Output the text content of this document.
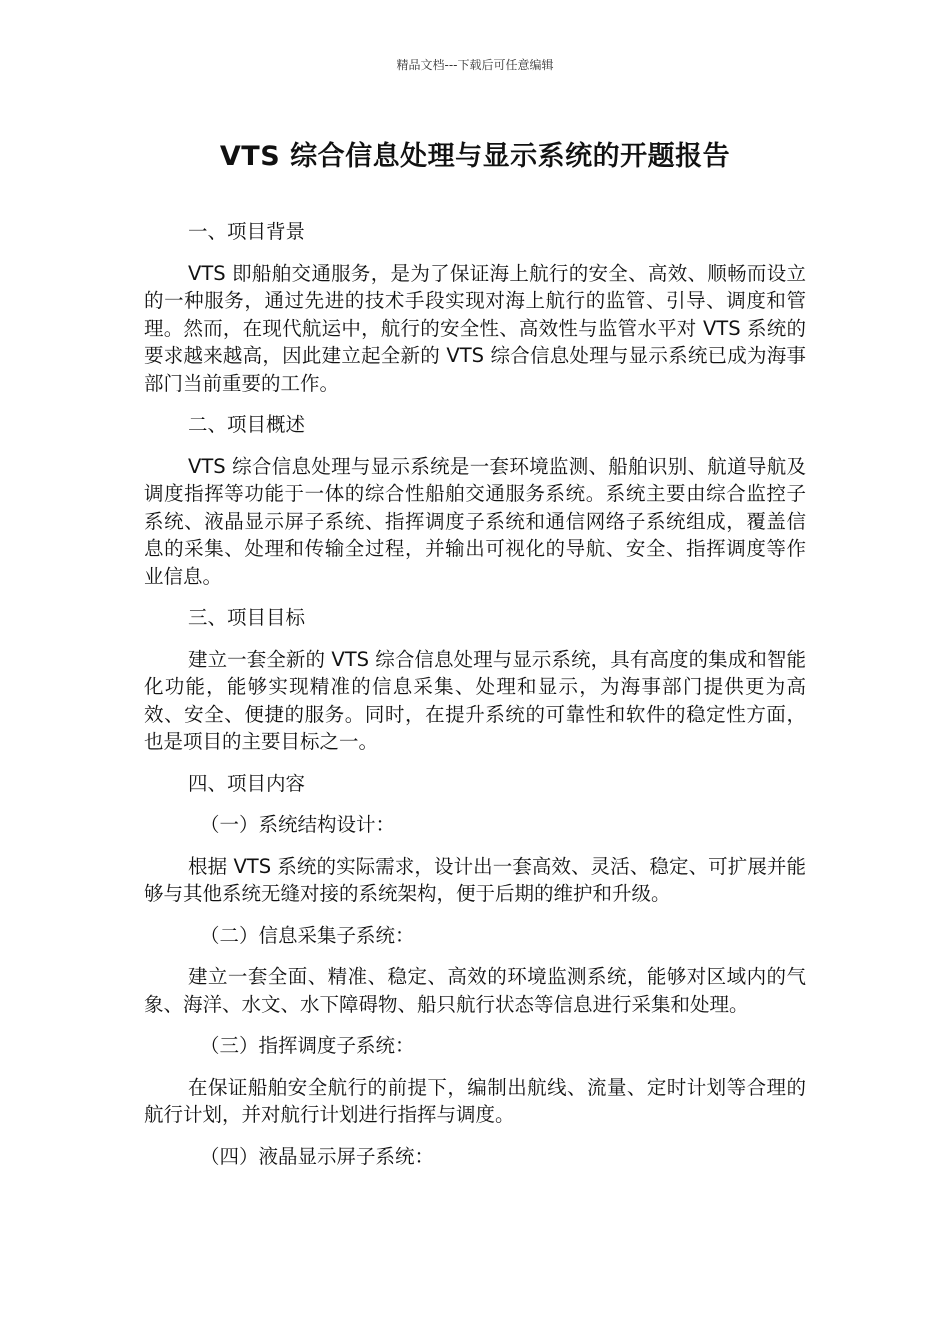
精品文档---下载后可任意编辑
VTS 综合信息处理与显示系统的开题报告
一、项目背景
VTS 即船舶交通服务，是为了保证海上航行的安全、高效、顺畅而设立的一种服务，通过先进的技术手段实现对海上航行的监管、引导、调度和管理。然而，在现代航运中，航行的安全性、高效性与监管水平对 VTS 系统的要求越来越高，因此建立起全新的 VTS 综合信息处理与显示系统已成为海事部门当前重要的工作。
二、项目概述
VTS 综合信息处理与显示系统是一套环境监测、船舶识别、航道导航及调度指挥等功能于一体的综合性船舶交通服务系统。系统主要由综合监控子系统、液晶显示屏子系统、指挥调度子系统和通信网络子系统组成，覆盖信息的采集、处理和传输全过程，并输出可视化的导航、安全、指挥调度等作业信息。
三、项目目标
建立一套全新的 VTS 综合信息处理与显示系统，具有高度的集成和智能化功能，能够实现精准的信息采集、处理和显示，为海事部门提供更为高效、安全、便捷的服务。同时，在提升系统的可靠性和软件的稳定性方面，也是项目的主要目标之一。
四、项目内容
（一）系统结构设计：
根据 VTS 系统的实际需求，设计出一套高效、灵活、稳定、可扩展并能够与其他系统无缝对接的系统架构，便于后期的维护和升级。
（二）信息采集子系统：
建立一套全面、精准、稳定、高效的环境监测系统，能够对区域内的气象、海洋、水文、水下障碍物、船只航行状态等信息进行采集和处理。
（三）指挥调度子系统：
在保证船舶安全航行的前提下，编制出航线、流量、定时计划等合理的航行计划，并对航行计划进行指挥与调度。
（四）液晶显示屏子系统：
